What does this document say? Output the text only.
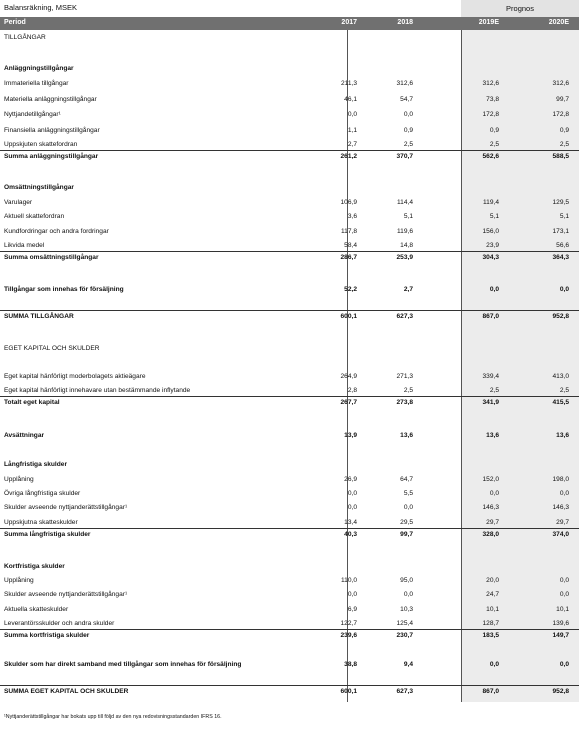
Balansräkning, MSEK	Prognos
Period	2017	2018	2019E	2020E
TILLGÅNGAR
Anläggningstillgångar
Immateriella tillgångar	211,3	312,6	312,6	312,6
Materiella anläggningstillgångar	46,1	54,7	73,8	99,7
Nyttjandetillgångar¹	0,0	0,0	172,8	172,8
Finansiella anläggningstillgångar	1,1	0,9	0,9	0,9
Uppskjuten skattefordran	2,7	2,5	2,5	2,5
Summa anläggningstillgångar	261,2	370,7	562,6	588,5
Omsättningstillgångar
Varulager	106,9	114,4	119,4	129,5
Aktuell skattefordran	3,6	5,1	5,1	5,1
Kundfordringar och andra fordringar	117,8	119,6	156,0	173,1
Likvida medel	58,4	14,8	23,9	56,6
Summa omsättningstillgångar	286,7	253,9	304,3	364,3
Tillgångar som innehas för försäljning	52,2	2,7	0,0	0,0
SUMMA TILLGÅNGAR	600,1	627,3	867,0	952,8
EGET KAPITAL OCH SKULDER
Eget kapital hänförligt moderbolagets aktieägare	264,9	271,3	339,4	413,0
Eget kapital hänförligt innehavare utan bestämmande inflytande	2,8	2,5	2,5	2,5
Totalt eget kapital	267,7	273,8	341,9	415,5
Avsättningar	13,9	13,6	13,6	13,6
Långfristiga skulder
Upplåning	26,9	64,7	152,0	198,0
Övriga långfristiga skulder	0,0	5,5	0,0	0,0
Skulder avseende nyttjanderättstillgångar¹	0,0	0,0	146,3	146,3
Uppskjutna skatteskulder	13,4	29,5	29,7	29,7
Summa långfristiga skulder	40,3	99,7	328,0	374,0
Kortfristiga skulder
Upplåning	110,0	95,0	20,0	0,0
Skulder avseende nyttjanderättstillgångar¹	0,0	0,0	24,7	0,0
Aktuella skatteskulder	6,9	10,3	10,1	10,1
Leverantörsskulder och andra skulder	122,7	125,4	128,7	139,6
Summa kortfristiga skulder	239,6	230,7	183,5	149,7
Skulder som har direkt samband med tillgångar som innehas för försäljning	38,8	9,4	0,0	0,0
SUMMA EGET KAPITAL OCH SKULDER	600,1	627,3	867,0	952,8
¹Nyttjanderättstillgångar har bokats upp till följd av den nya redovisningsstandarden IFRS 16.
